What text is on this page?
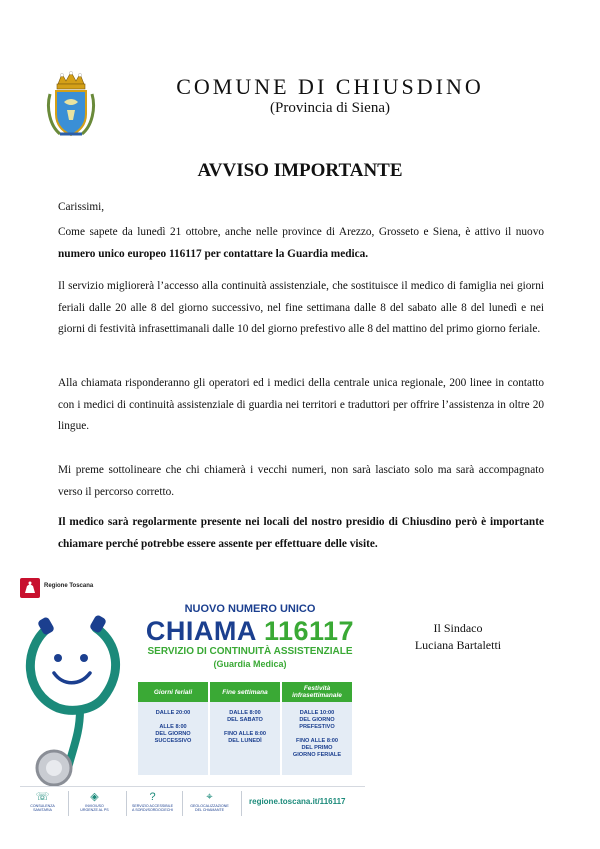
COMUNE DI CHIUSDINO
(Provincia di Siena)
AVVISO IMPORTANTE
Carissimi,
Come sapete da lunedì 21 ottobre, anche nelle province di Arezzo, Grosseto e Siena, è attivo il nuovo numero unico europeo 116117 per contattare la Guardia medica.
Il servizio migliorerà l’accesso alla continuità assistenziale, che sostituisce il medico di famiglia nei giorni feriali dalle 20 alle 8 del giorno successivo, nel fine settimana dalle 8 del sabato alle 8 del lunedì e nei giorni di festività infrasettimanali dalle 10 del giorno prefestivo alle 8 del mattino del primo giorno feriale.
Alla chiamata risponderanno gli operatori ed i medici della centrale unica regionale, 200 linee in contatto con i medici di continuità assistenziale di guardia nei territori e traduttori per offrire l’assistenza in oltre 20 lingue.
Mi preme sottolineare che chi chiamerà i vecchi numeri, non sarà lasciato solo ma sarà accompagnato verso il percorso corretto.
Il medico sarà regolarmente presente nei locali del nostro presidio di Chiusdino però è importante chiamare perché potrebbe essere assente per effettuare delle visite.
Regione Toscana
NUOVO NUMERO UNICO
CHIAMA 116117
SERVIZIO DI CONTINUITÀ ASSISTENZIALE
(Guardia Medica)
Giorni feriali
DALLE 20:00
ALLE 8:00
DEL GIORNO
SUCCESSIVO
Fine settimana
DALLE 8:00
DEL SABATO
FINO ALLE 8:00
DEL LUNEDÌ
Festività infrasettimanale
DALLE 10:00
DEL GIORNO
PREFESTIVO
FINO ALLE 8:00
DEL PRIMO
GIORNO FERIALE
☏
CONSULENZA
SANITARIA
◈
INVIO/USO
URGENZE AL PS
?
SERVIZIO ACCESSIBILE
A SORDI/SORDOCIECHI
⌖
GEOLOCALIZZAZIONE
DEL CHIAMANTE
regione.toscana.it/116117
Il Sindaco
Luciana Bartaletti
